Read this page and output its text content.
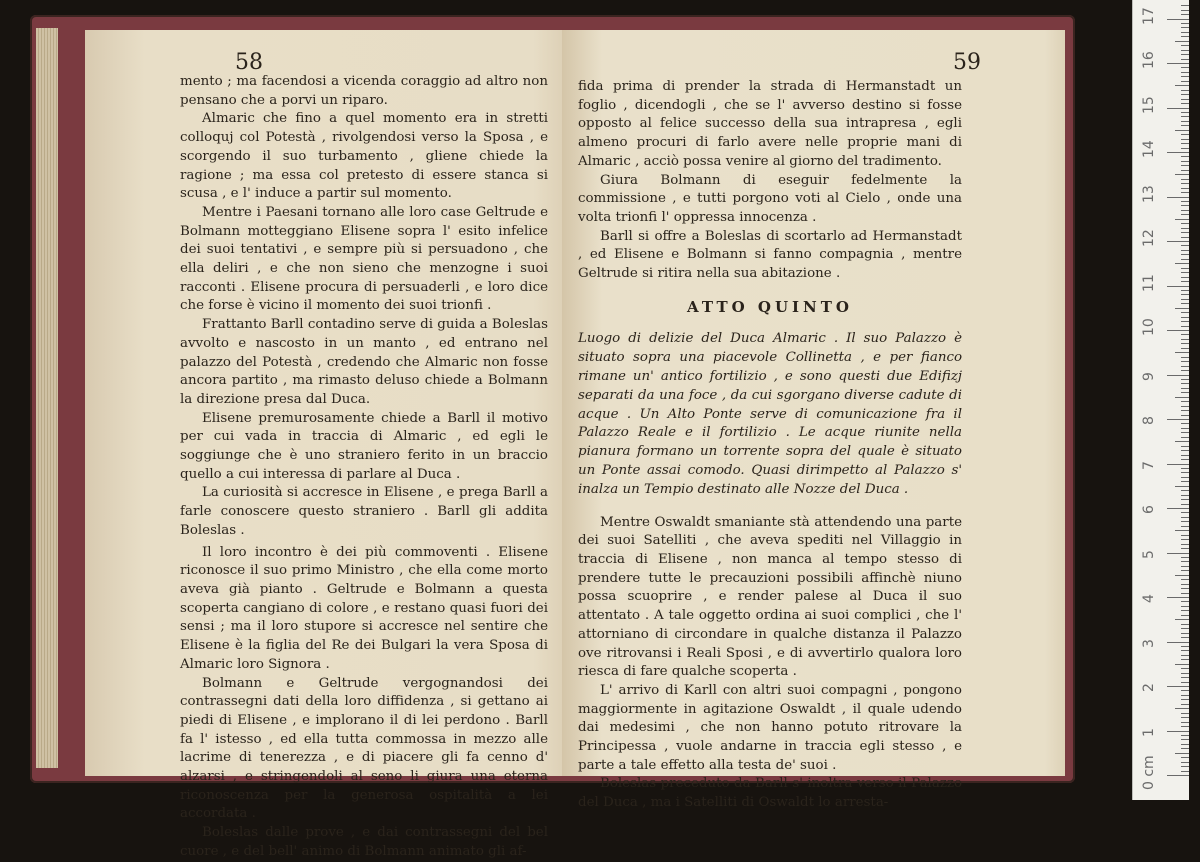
58

mento ; ma facendosi a vicenda coraggio ad altro non pensano che a porvi un riparo.

Almaric che fino a quel momento era in stretti colloquj col Potestà , rivolgendosi verso la Sposa , e scorgendo il suo turbamento , gliene chiede la ragione ; ma essa col pretesto di essere stanca si scusa , e l' induce a partir sul momento.

Mentre i Paesani tornano alle loro case Geltrude e Bolmann motteggiano Elisene sopra l' esito infelice dei suoi tentativi , e sempre più si persuadono , che ella deliri , e che non sieno che menzogne i suoi racconti . Elisene procura di persuaderli , e loro dice che forse è vicino il momento dei suoi trionfi .

Frattanto Barll contadino serve di guida a Boleslas avvolto e nascosto in un manto , ed entrano nel palazzo del Potestà , credendo che Almaric non fosse ancora partito , ma rimasto deluso chiede a Bolmann la direzione presa dal Duca.

Elisene premurosamente chiede a Barll il motivo per cui vada in traccia di Almaric , ed egli le soggiunge che è uno straniero ferito in un braccio quello a cui interessa di parlare al Duca .

La curiosità si accresce in Elisene , e prega Barll a farle conoscere questo straniero . Barll gli addita Boleslas .

Il loro incontro è dei più commoventi . Elisene riconosce il suo primo Ministro , che ella come morto aveva già pianto . Geltrude e Bolmann a questa scoperta cangiano di colore , e restano quasi fuori dei sensi ; ma il loro stupore si accresce nel sentire che Elisene è la figlia del Re dei Bulgari la vera Sposa di Almaric loro Signora .

Bolmann e Geltrude vergognandosi dei contrassegni dati della loro diffidenza , si gettano ai piedi di Elisene , e implorano il di lei perdono . Barll fa l' istesso , ed ella tutta commossa in mezzo alle lacrime di tenerezza , e di piacere gli fa cenno d' alzarsi , e stringendoli al seno li giura una eterna riconoscenza per la generosa ospitalità a lei accordata .

Boleslas dalle prove , e dai contrassegni del bel cuore , e del bell' animo di Bolmann animato gli af-

59

fida prima di prender la strada di Hermanstadt un foglio , dicendogli , che se l' avverso destino si fosse opposto al felice successo della sua intrapresa , egli almeno procuri di farlo avere nelle proprie mani di Almaric , acciò possa venire al giorno del tradimento.

Giura Bolmann di eseguir fedelmente la commissione , e tutti porgono voti al Cielo , onde una volta trionfi l' oppressa innocenza .

Barll si offre a Boleslas di scortarlo ad Hermanstadt , ed Elisene e Bolmann si fanno compagnia , mentre Geltrude si ritira nella sua abitazione .

ATTO QUINTO

Luogo di delizie del Duca Almaric . Il suo Palazzo è situato sopra una piacevole Collinetta , e per fianco rimane un' antico fortilizio , e sono questi due Edifizj separati da una foce , da cui sgorgano diverse cadute di acque . Un Alto Ponte serve di comunicazione fra il Palazzo Reale e il fortilizio . Le acque riunite nella pianura formano un torrente sopra del quale è situato un Ponte assai comodo. Quasi dirimpetto al Palazzo s' inalza un Tempio destinato alle Nozze del Duca .

Mentre Oswaldt smaniante stà attendendo una parte dei suoi Satelliti , che aveva spediti nel Villaggio in traccia di Elisene , non manca al tempo stesso di prendere tutte le precauzioni possibili affinchè niuno possa scuoprire , e render palese al Duca il suo attentato . A tale oggetto ordina ai suoi complici , che l' attorniano di circondare in qualche distanza il Palazzo ove ritrovansi i Reali Sposi , e di avvertirlo qualora loro riesca di fare qualche scoperta .

L' arrivo di Karll con altri suoi compagni , pongono maggiormente in agitazione Oswaldt , il quale udendo dai medesimi , che non hanno potuto ritrovare la Principessa , vuole andarne in traccia egli stesso , e parte a tale effetto alla testa de' suoi .

Boleslas preceduto da Barll s' inoltra verso il Palazzo del Duca , ma i Satelliti di Oswaldt lo arresta-

0 cm
1
2
3
4
5
6
7
8
9
10
11
12
13
14
15
16
17
